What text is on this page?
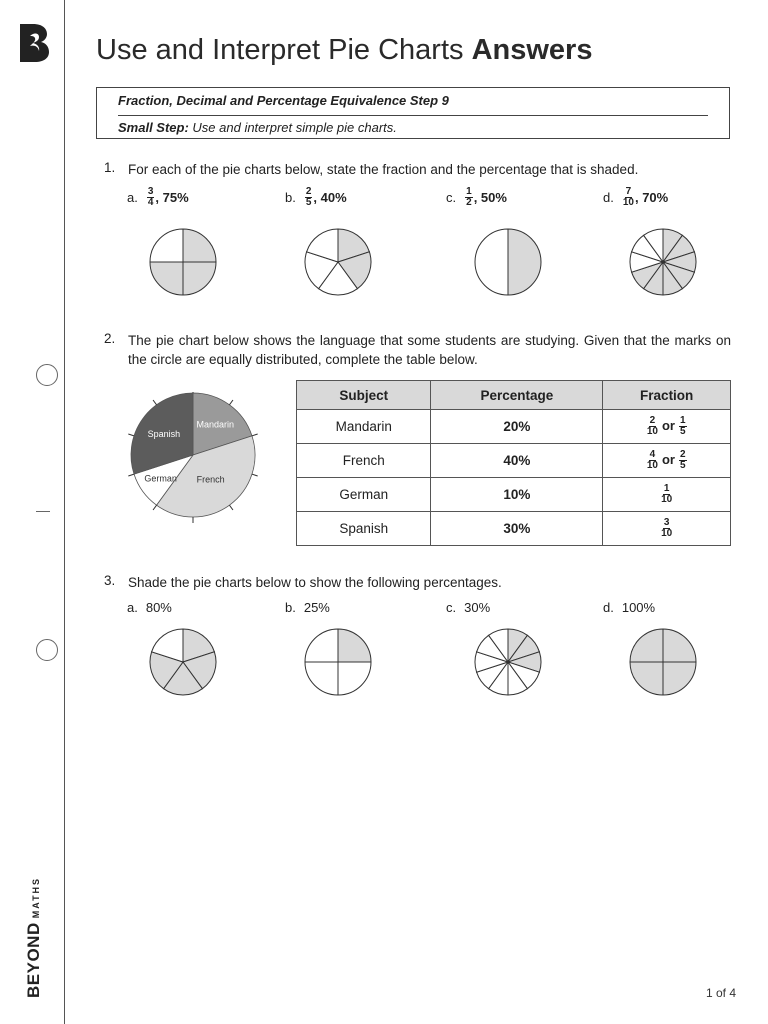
BEYONDMATHS
Use and Interpret Pie Charts Answers
Fraction, Decimal and Percentage Equivalence Step 9
Small Step: Use and interpret simple pie charts.
1. For each of the pie charts below, state the fraction and the percentage that is shaded.
a. $\frac{3}{4}$ , 75%	b. $\frac{2}{5}$ , 40%	c. $\frac{1}{2}$ , 50%	d. $\frac{7}{10}$ , 70%
2. The pie chart below shows the language that some students are studying. Given that the marks on the circle are equally distributed, complete the table below.
Mandarin
French
German
Spanish
Subject	Percentage	Fraction
Mandarin	20%	$\frac{2}{10}$ or $\frac{1}{5}$

French	40%	$\frac{4}{10}$ or $\frac{2}{5}$

German	10%	$\frac{1}{10}$

Spanish	30%	$\frac{3}{10}$
3. Shade the pie charts below to show the following percentages.
a. 80%	b. 25%	c. 30%	d. 100%
1 of 4
